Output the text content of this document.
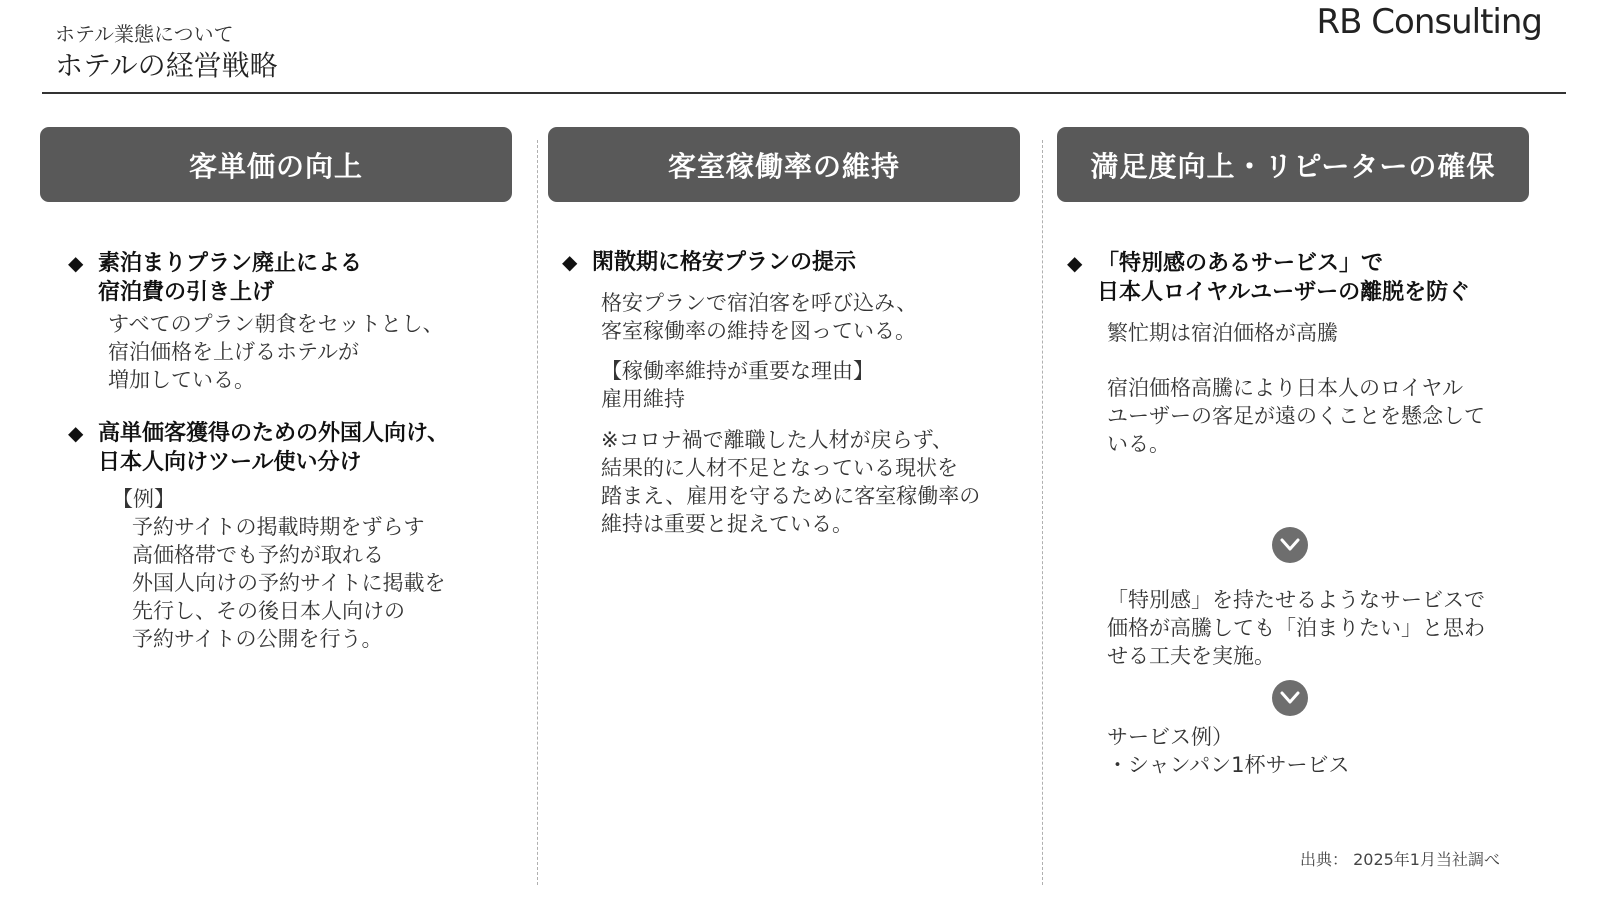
ホテル業態について
ホテルの経営戦略
RB Consulting
客単価の向上
◆ 素泊まりプラン廃止による
宿泊費の引き上げ
すべてのプラン朝食をセットとし、
宿泊価格を上げるホテルが
増加している。
◆ 高単価客獲得のための外国人向け、
日本人向けツール使い分け
【例】
予約サイトの掲載時期をずらす
高価格帯でも予約が取れる
外国人向けの予約サイトに掲載を
先行し、その後日本人向けの
予約サイトの公開を行う。
客室稼働率の維持
◆ 閑散期に格安プランの提示
格安プランで宿泊客を呼び込み、
客室稼働率の維持を図っている。
【稼働率維持が重要な理由】
雇用維持
※コロナ禍で離職した人材が戻らず、
結果的に人材不足となっている現状を
踏まえ、雇用を守るために客室稼働率の
維持は重要と捉えている。
満足度向上・リピーターの確保
◆ 「特別感のあるサービス」で
日本人ロイヤルユーザーの離脱を防ぐ
繁忙期は宿泊価格が高騰
宿泊価格高騰により日本人のロイヤル
ユーザーの客足が遠のくことを懸念して
いる。
「特別感」を持たせるようなサービスで
価格が高騰しても「泊まりたい」と思わ
せる工夫を実施。
サービス例）
・シャンパン1杯サービス
出典： 2025年1月当社調べ
